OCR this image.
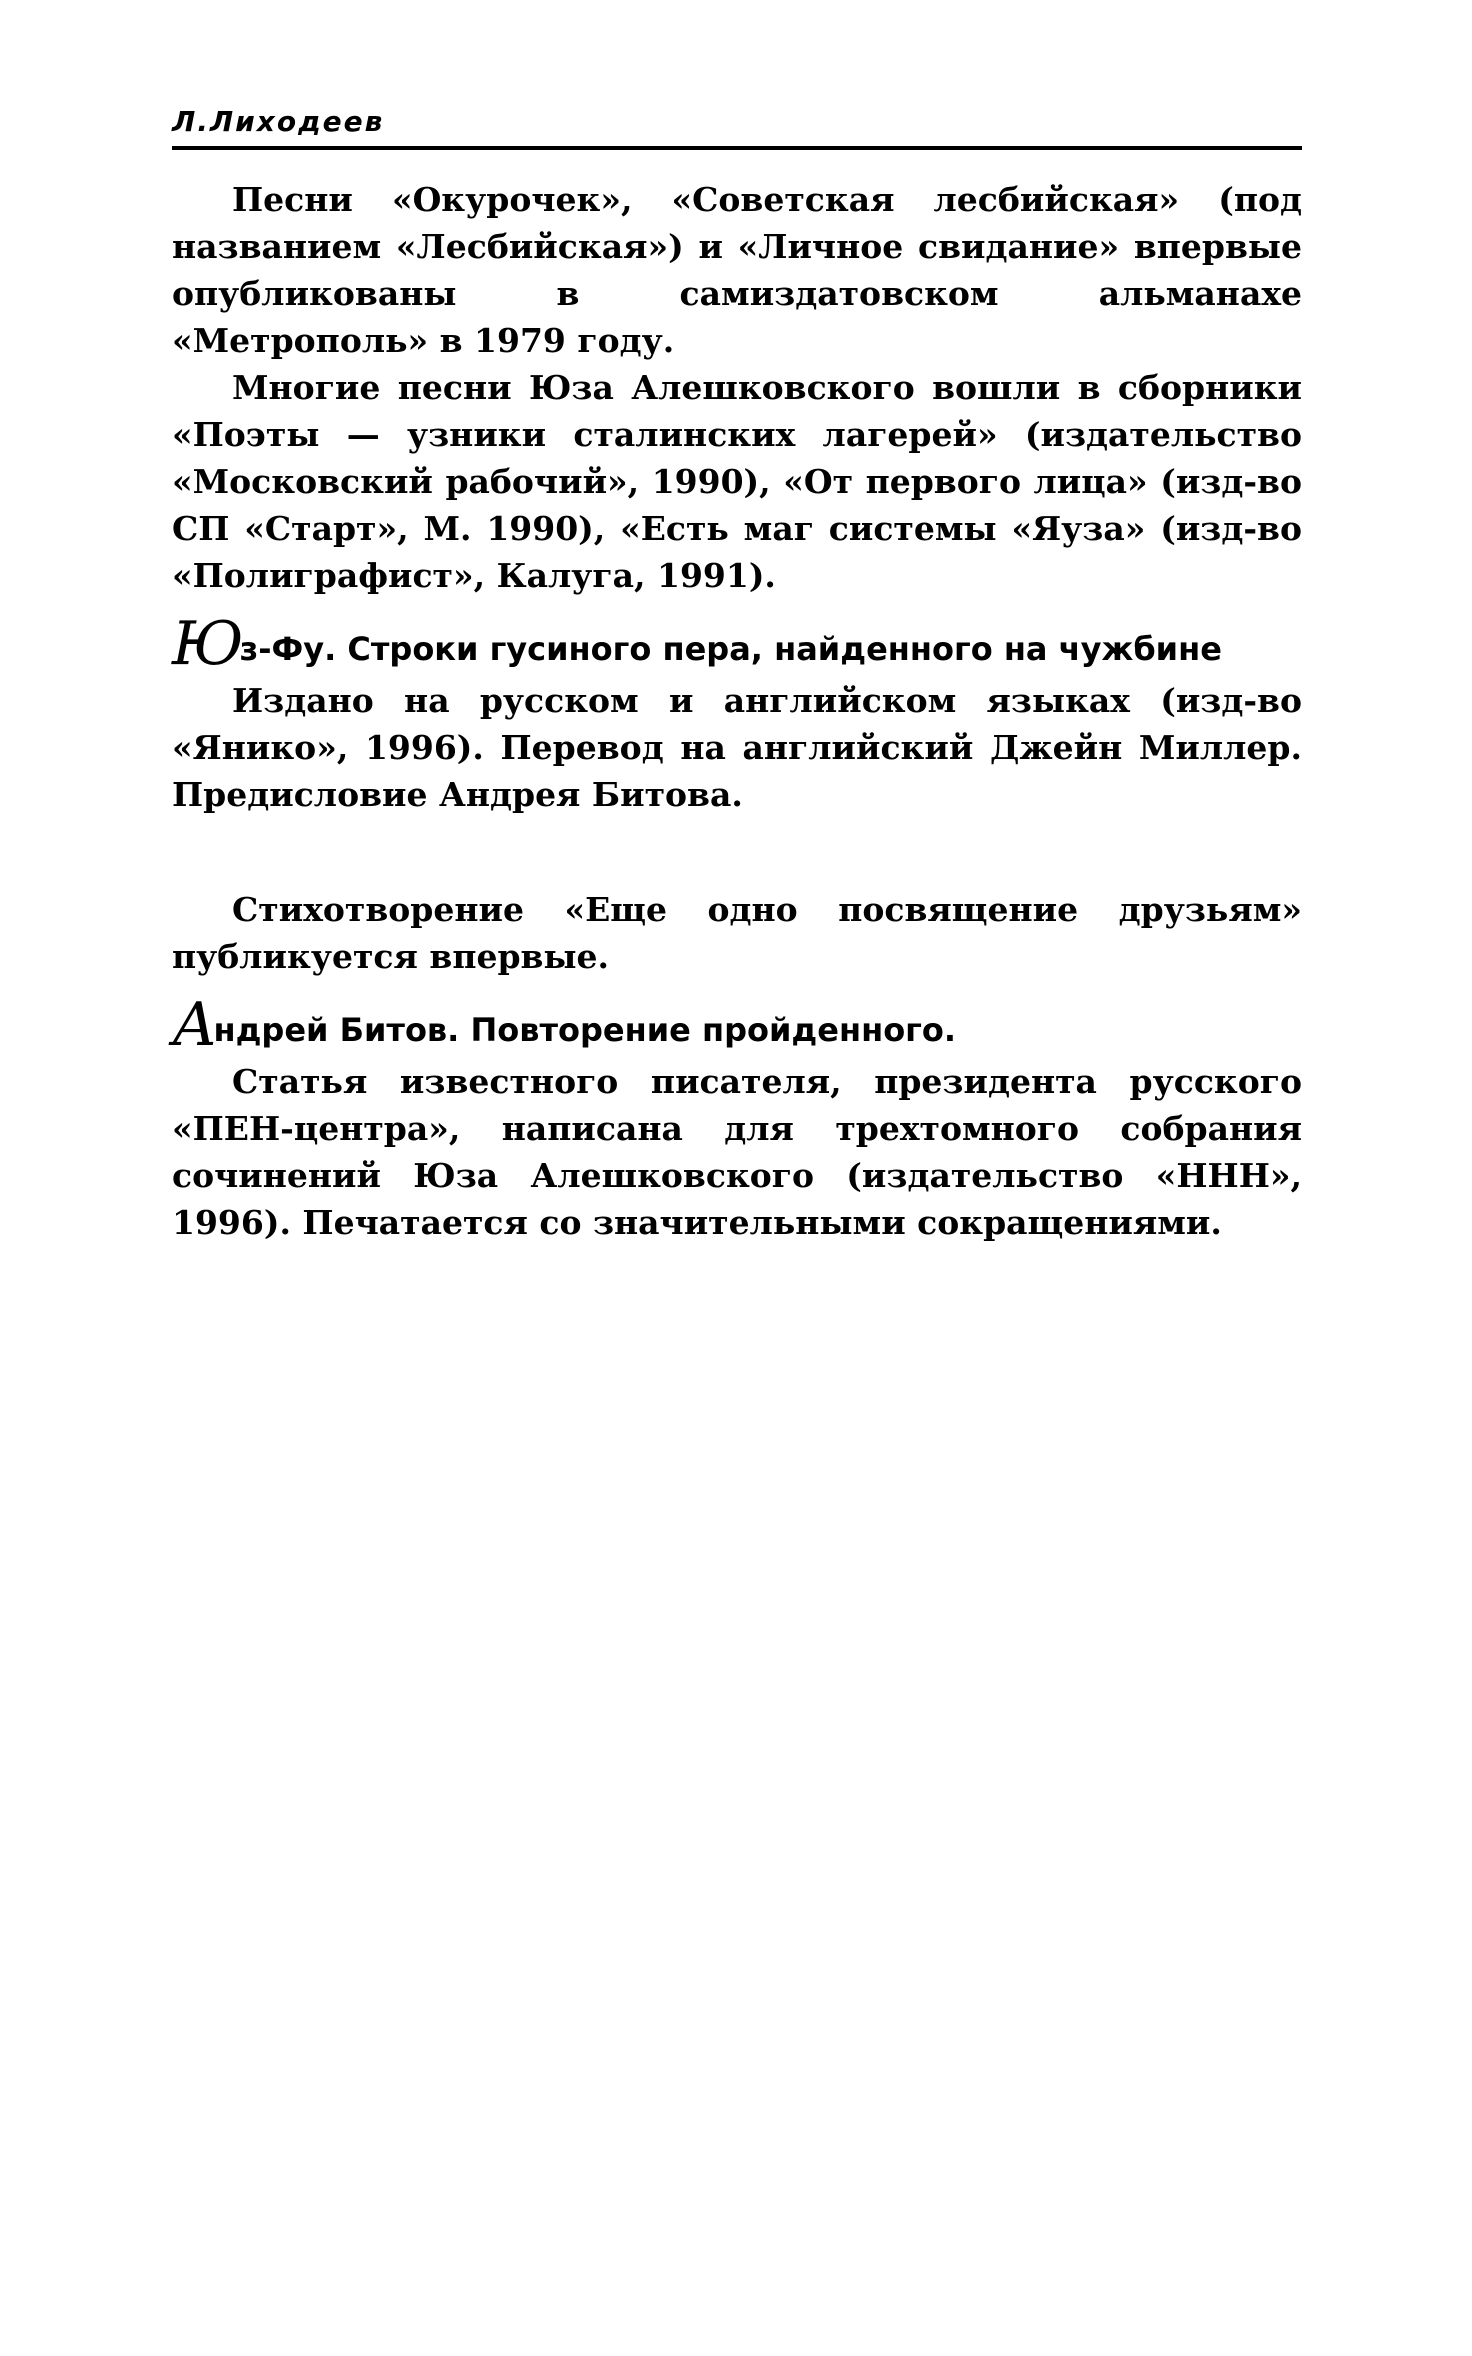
Л.Лиходеев

Песни «Окурочек», «Советская лесбийская» (под названием «Лесбийская») и «Личное свидание» впервые опубликованы в самиздатовском альманахе «Метрополь» в 1979 году.

Многие песни Юза Алешковского вошли в сборники «Поэты — узники сталинских лагерей» (издательство «Московский рабочий», 1990), «От первого лица» (изд-во СП «Старт», М. 1990), «Есть маг системы «Яуза» (изд-во «Полиграфист», Калуга, 1991).

Юз-Фу. Строки гусиного пера, найденного на чужбине

Издано на русском и английском языках (изд-во «Янико», 1996). Перевод на английский Джейн Миллер. Предисловие Андрея Битова.

Стихотворение «Еще одно посвящение друзьям» публикуется впервые.

Андрей Битов. Повторение пройденного.

Статья известного писателя, президента русского «ПЕН-центра», написана для трехтомного собрания сочинений Юза Алешковского (издательство «ННН», 1996). Печатается со значительными сокращениями.
